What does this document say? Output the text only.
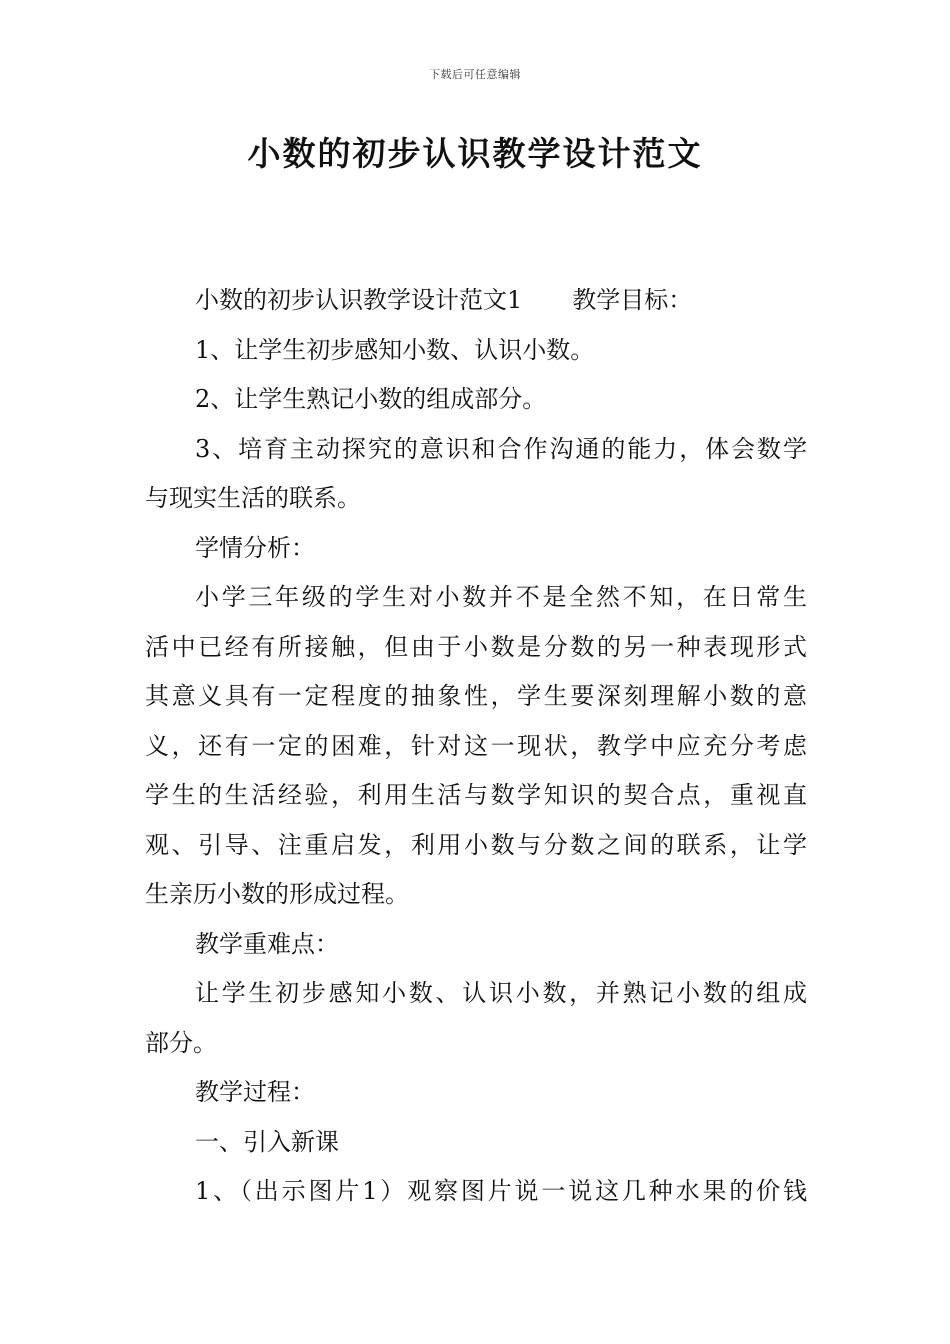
下载后可任意编辑
小数的初步认识教学设计范文
小数的初步认识教学设计范文1 教学目标：
1、让学生初步感知小数、认识小数。
2、让学生熟记小数的组成部分。
3、培育主动探究的意识和合作沟通的能力，体会数学
与现实生活的联系。
学情分析：
小学三年级的学生对小数并不是全然不知，在日常生
活中已经有所接触，但由于小数是分数的另一种表现形式
其意义具有一定程度的抽象性，学生要深刻理解小数的意
义，还有一定的困难，针对这一现状，教学中应充分考虑
学生的生活经验，利用生活与数学知识的契合点，重视直
观、引导、注重启发，利用小数与分数之间的联系，让学
生亲历小数的形成过程。
教学重难点：
让学生初步感知小数、认识小数，并熟记小数的组成
部分。
教学过程：
一、引入新课
1、（出示图片1）观察图片说一说这几种水果的价钱
